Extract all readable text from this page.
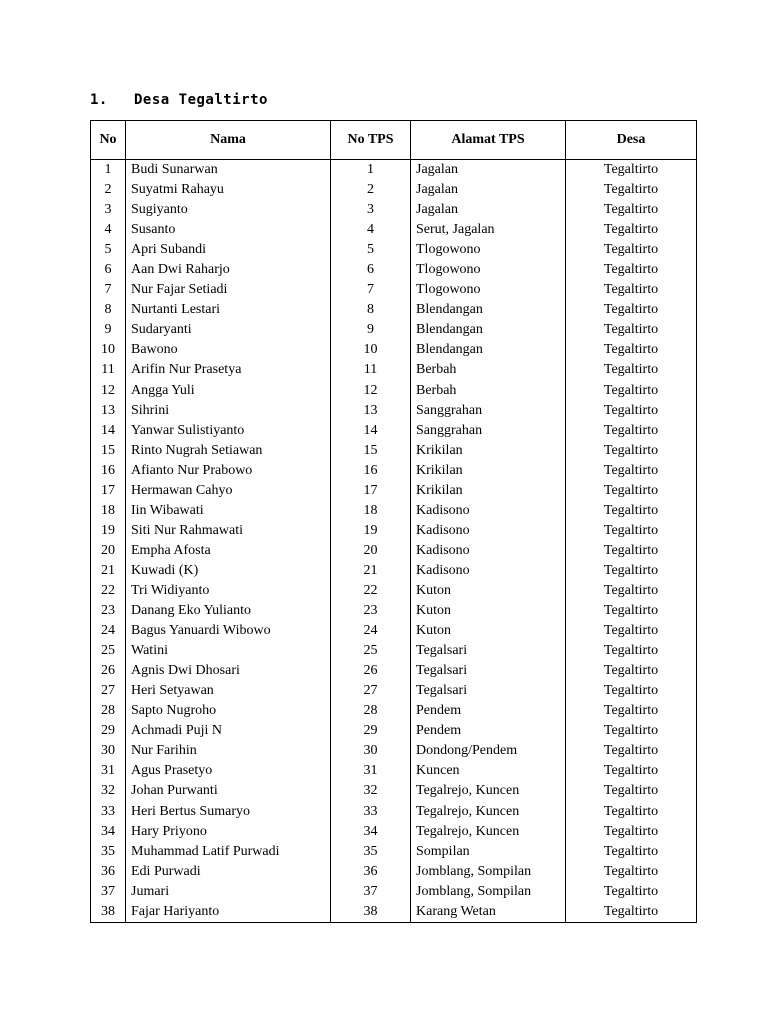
1.	Desa Tegaltirto
No	Nama	No TPS	Alamat TPS	Desa
1	Budi Sunarwan	1	Jagalan	Tegaltirto
2	Suyatmi Rahayu	2	Jagalan	Tegaltirto
3	Sugiyanto	3	Jagalan	Tegaltirto
4	Susanto	4	Serut, Jagalan	Tegaltirto
5	Apri Subandi	5	Tlogowono	Tegaltirto
6	Aan Dwi Raharjo	6	Tlogowono	Tegaltirto
7	Nur Fajar Setiadi	7	Tlogowono	Tegaltirto
8	Nurtanti Lestari	8	Blendangan	Tegaltirto
9	Sudaryanti	9	Blendangan	Tegaltirto
10	Bawono	10	Blendangan	Tegaltirto
11	Arifin Nur Prasetya	11	Berbah	Tegaltirto
12	Angga Yuli	12	Berbah	Tegaltirto
13	Sihrini	13	Sanggrahan	Tegaltirto
14	Yanwar Sulistiyanto	14	Sanggrahan	Tegaltirto
15	Rinto Nugrah Setiawan	15	Krikilan	Tegaltirto
16	Afianto Nur Prabowo	16	Krikilan	Tegaltirto
17	Hermawan Cahyo	17	Krikilan	Tegaltirto
18	Iin Wibawati	18	Kadisono	Tegaltirto
19	Siti Nur Rahmawati	19	Kadisono	Tegaltirto
20	Empha Afosta	20	Kadisono	Tegaltirto
21	Kuwadi (K)	21	Kadisono	Tegaltirto
22	Tri Widiyanto	22	Kuton	Tegaltirto
23	Danang Eko Yulianto	23	Kuton	Tegaltirto
24	Bagus Yanuardi Wibowo	24	Kuton	Tegaltirto
25	Watini	25	Tegalsari	Tegaltirto
26	Agnis Dwi Dhosari	26	Tegalsari	Tegaltirto
27	Heri Setyawan	27	Tegalsari	Tegaltirto
28	Sapto Nugroho	28	Pendem	Tegaltirto
29	Achmadi Puji N	29	Pendem	Tegaltirto
30	Nur Farihin	30	Dondong/Pendem	Tegaltirto
31	Agus Prasetyo	31	Kuncen	Tegaltirto
32	Johan Purwanti	32	Tegalrejo, Kuncen	Tegaltirto
33	Heri Bertus Sumaryo	33	Tegalrejo, Kuncen	Tegaltirto
34	Hary Priyono	34	Tegalrejo, Kuncen	Tegaltirto
35	Muhammad Latif Purwadi	35	Sompilan	Tegaltirto
36	Edi Purwadi	36	Jomblang, Sompilan	Tegaltirto
37	Jumari	37	Jomblang, Sompilan	Tegaltirto
38	Fajar Hariyanto	38	Karang Wetan	Tegaltirto
